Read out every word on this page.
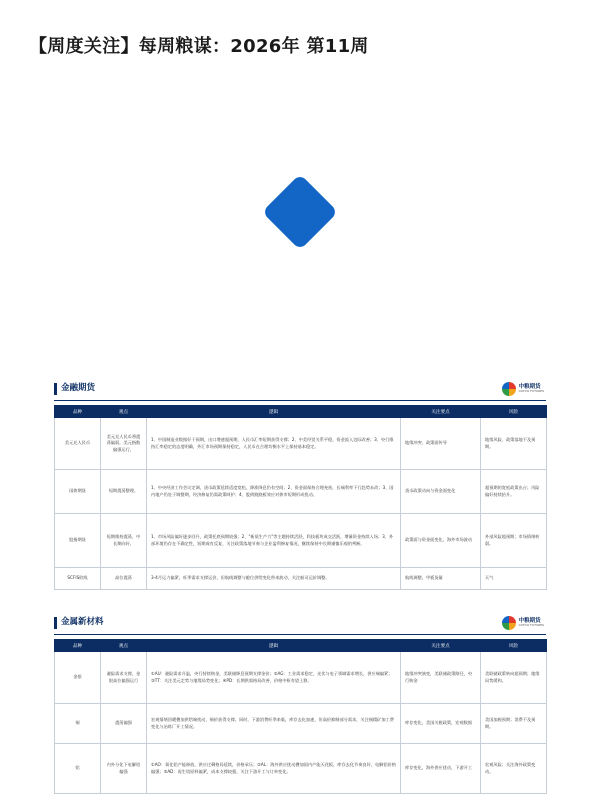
【周度关注】每周粮谋：2026年 第11周
金融期货	中粮期货
COFCO FUTURES
品种	观点	逻辑	关注要点	风险
美元兑人民币	美元兑人民币将震荡偏弱，美元指数偏强运行。	1、中国制造业数据好于预期，出口增速超预期，人民币汇率短期获得支撑；2、中美经贸关系平稳，资金流入边际改善；3、央行维持汇率稳定的态度明确，外汇市场预期保持稳定，人民币在合理均衡水平上保持基本稳定。	地缘冲突、政策面传导	地缘风险、政策落地不及预期。
国债期货	短期震荡整理。	1、中央经济工作会议定调，货币政策延续适度宽松，降准降息仍有空间；2、资金面保持合理充裕，长端利率下行趋势未改；3、国内地产仍处于调整期，经济修复仍需政策呵护；4、股债跷跷板效应对债市短期形成扰动。	货币政策动向与资金面变化	超预期的宽松政策出台；风险偏好持续抬升。
股指期货	短期维持震荡，中长期向好。	1、市场风险偏好逐步回升，政策托底预期较强；2、"新质生产力"等主题持续活跃，科技板块成交活跃，增量资金持续入场；3、外部环境仍存在不确定性，短期或有反复，关注政策落地节奏与企业盈利修复情况，继续保持中长期谨慎乐观的判断。	政策面与资金面变化，海外市场波动	外部风险超预期；市场情绪转弱。
SCFIS欧线	高位震荡	3-4月运力偏紧，旺季需求支撑运价，但航线调整与舱位供给变化带来波动，关注船司运价调整。	航线调整，甲板货量	天气
金属新材料	中粮期货
COFCO FUTURES
品种	观点	逻辑	关注要点	风险
金银	避险需求支撑，金银高位偏强运行	①AU：避险需求升温，央行持续购金，美联储降息预期支撑金价；②AG：工业需求稳定，光伏与电子领域需求增长，供应端偏紧；③TT：关注美元走势与地缘局势变化；④PD：长期供需格局改善，价格中枢有望上移。	地缘冲突演变，美联储政策路径，央行购金	美联储政策转向超预期；地缘局势缓和。
铜	震荡偏强	宏观情绪回暖叠加供给端扰动，铜价获得支撑。同时，下游消费旺季来临，库存去化加速，但高价抑制部分需求，关注铜精矿加工费变化与冶炼厂开工情况。	库存变化，美国关税政策，宏观数据	美国加税预期；消费不及预期。
铝	内外分化下电解铝偏强	①AO：氧化铝产能释放，供应过剩格局延续，价格承压；②AL：海外供应扰动叠加国内产能天花板，库存去化节奏良好，电解铝价格偏强；③AD：再生铝原料偏紧，成本支撑较强，关注下游开工与订单变化。	库存变化，海外供应扰动，下游开工	宏观风险；关注海外政策变动。
